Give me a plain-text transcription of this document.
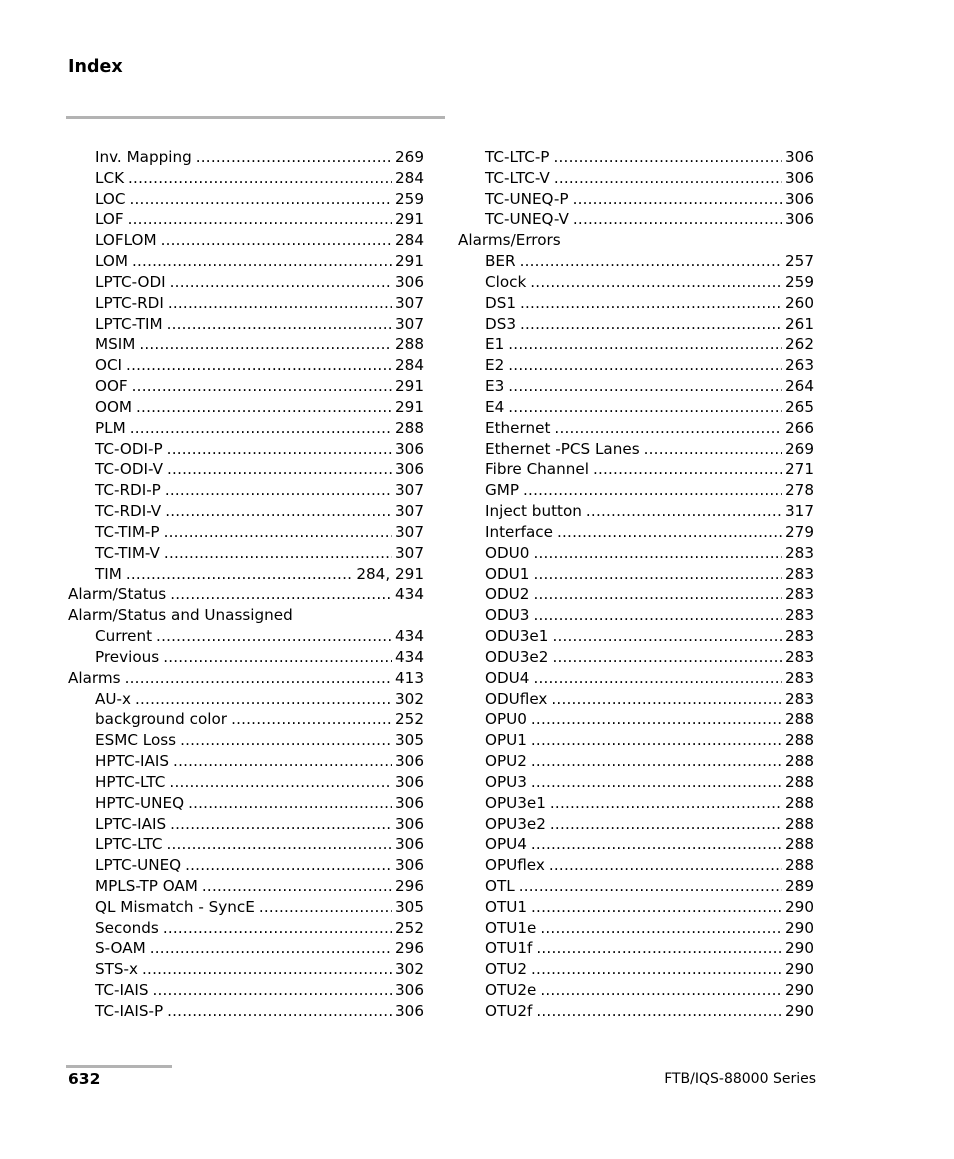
Index
Inv. Mapping .....	269
LCK .....	284
LOC .....	259
LOF .....	291
LOFLOM .....	284
LOM .....	291
LPTC-ODI .....	306
LPTC-RDI .....	307
LPTC-TIM .....	307
MSIM .....	288
OCI .....	284
OOF .....	291
OOM .....	291
PLM .....	288
TC-ODI-P .....	306
TC-ODI-V .....	306
TC-RDI-P .....	307
TC-RDI-V .....	307
TC-TIM-P .....	307
TC-TIM-V .....	307
TIM .....	284, 291
Alarm/Status .....	434
Alarm/Status and Unassigned
Current .....	434
Previous .....	434
Alarms .....	413
AU-x .....	302
background color .....	252
ESMC Loss .....	305
HPTC-IAIS .....	306
HPTC-LTC .....	306
HPTC-UNEQ .....	306
LPTC-IAIS .....	306
LPTC-LTC .....	306
LPTC-UNEQ .....	306
MPLS-TP OAM .....	296
QL Mismatch - SyncE .....	305
Seconds .....	252
S-OAM .....	296
STS-x .....	302
TC-IAIS .....	306
TC-IAIS-P .....	306
TC-LTC-P .....	306
TC-LTC-V .....	306
TC-UNEQ-P .....	306
TC-UNEQ-V .....	306
Alarms/Errors
BER .....	257
Clock .....	259
DS1 .....	260
DS3 .....	261
E1 .....	262
E2 .....	263
E3 .....	264
E4 .....	265
Ethernet .....	266
Ethernet -PCS Lanes .....	269
Fibre Channel .....	271
GMP .....	278
Inject button .....	317
Interface .....	279
ODU0 .....	283
ODU1 .....	283
ODU2 .....	283
ODU3 .....	283
ODU3e1 .....	283
ODU3e2 .....	283
ODU4 .....	283
ODUflex .....	283
OPU0 .....	288
OPU1 .....	288
OPU2 .....	288
OPU3 .....	288
OPU3e1 .....	288
OPU3e2 .....	288
OPU4 .....	288
OPUflex .....	288
OTL .....	289
OTU1 .....	290
OTU1e .....	290
OTU1f .....	290
OTU2 .....	290
OTU2e .....	290
OTU2f .....	290
632	FTB/IQS-88000 Series
